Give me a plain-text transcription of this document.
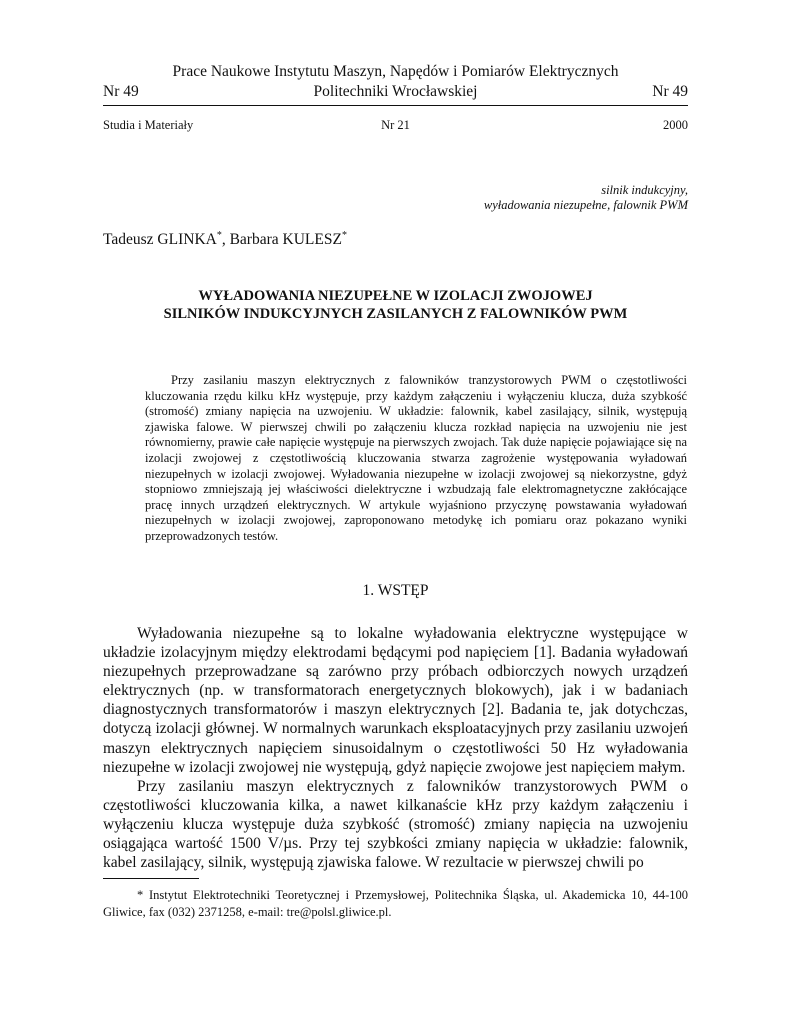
Prace Naukowe Instytutu Maszyn, Napędów i Pomiarów Elektrycznych
Nr 49	Politechniki Wrocławskiej	Nr 49
Studia i Materiały	Nr 21	2000
silnik indukcyjny,
wyładowania niezupełne, falownik PWM
Tadeusz GLINKA*, Barbara KULESZ*
WYŁADOWANIA NIEZUPEŁNE W IZOLACJI ZWOJOWEJ
SILNIKÓW INDUKCYJNYCH ZASILANYCH Z FALOWNIKÓW PWM

Przy zasilaniu maszyn elektrycznych z falowników tranzystorowych PWM o częstotliwości kluczowania rzędu kilku kHz występuje, przy każdym załączeniu i wyłączeniu klucza, duża szybkość (stromość) zmiany napięcia na uzwojeniu. W układzie: falownik, kabel zasilający, silnik, występują zjawiska falowe. W pierwszej chwili po załączeniu klucza rozkład napięcia na uzwojeniu nie jest równomierny, prawie całe napięcie występuje na pierwszych zwojach. Tak duże napięcie pojawiające się na izolacji zwojowej z częstotliwością kluczowania stwarza zagrożenie występowania wyładowań niezupełnych w izolacji zwojowej. Wyładowania niezupełne w izolacji zwojowej są niekorzystne, gdyż stopniowo zmniejszają jej właściwości dielektryczne i wzbudzają fale elektromagnetyczne zakłócające pracę innych urządzeń elektrycznych. W artykule wyjaśniono przyczynę powstawania wyładowań niezupełnych w izolacji zwojowej, zaproponowano metodykę ich pomiaru oraz pokazano wyniki przeprowadzonych testów.

1. WSTĘP

Wyładowania niezupełne są to lokalne wyładowania elektryczne występujące w układzie izolacyjnym między elektrodami będącymi pod napięciem [1]. Badania wyładowań niezupełnych przeprowadzane są zarówno przy próbach odbiorczych nowych urządzeń elektrycznych (np. w transformatorach energetycznych blokowych), jak i w badaniach diagnostycznych transformatorów i maszyn elektrycznych [2]. Badania te, jak dotychczas, dotyczą izolacji głównej. W normalnych warunkach eksploatacyjnych przy zasilaniu uzwojeń maszyn elektrycznych napięciem sinusoidalnym o częstotliwości 50 Hz wyładowania niezupełne w izolacji zwojowej nie występują, gdyż napięcie zwojowe jest napięciem małym.

Przy zasilaniu maszyn elektrycznych z falowników tranzystorowych PWM o częstotliwości kluczowania kilka, a nawet kilkanaście kHz przy każdym załączeniu i wyłączeniu klucza występuje duża szybkość (stromość) zmiany napięcia na uzwojeniu osiągająca wartość 1500 V/µs. Przy tej szybkości zmiany napięcia w układzie: falownik, kabel zasilający, silnik, występują zjawiska falowe. W rezultacie w pierwszej chwili po

* Instytut Elektrotechniki Teoretycznej i Przemysłowej, Politechnika Śląska, ul. Akademicka 10, 44-100 Gliwice, fax (032) 2371258, e-mail: tre@polsl.gliwice.pl.
